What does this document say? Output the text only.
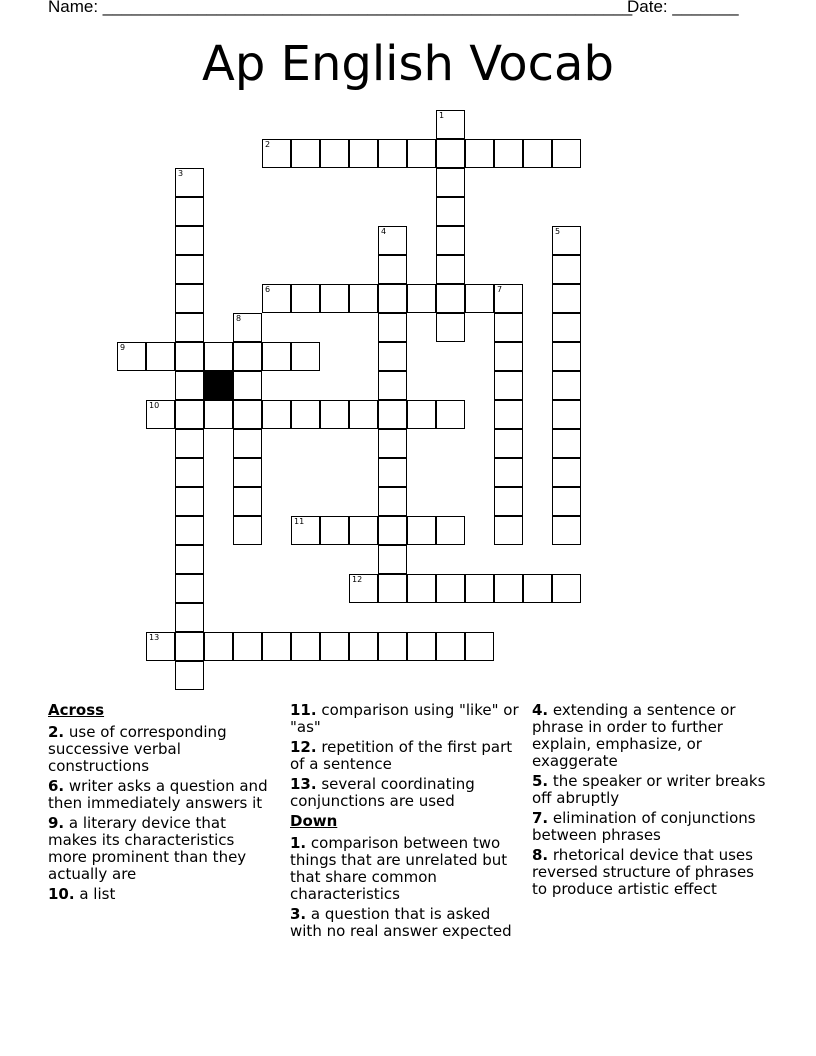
Name: ________________________________________________________
Date: _______
Ap English Vocab
1
2
3
4	5
6	7
8
9
10
11
12
13
Across
2. use of corresponding successive verbal constructions
6. writer asks a question and then immediately answers it
9. a literary device that makes its characteristics more prominent than they actually are
10. a list
11. comparison using "like" or "as"
12. repetition of the first part of a sentence
13. several coordinating conjunctions are used
Down
1. comparison between two things that are unrelated but that share common characteristics
3. a question that is asked with no real answer expected
4. extending a sentence or phrase in order to further explain, emphasize, or exaggerate
5. the speaker or writer breaks off abruptly
7. elimination of conjunctions between phrases
8. rhetorical device that uses reversed structure of phrases to produce artistic effect
